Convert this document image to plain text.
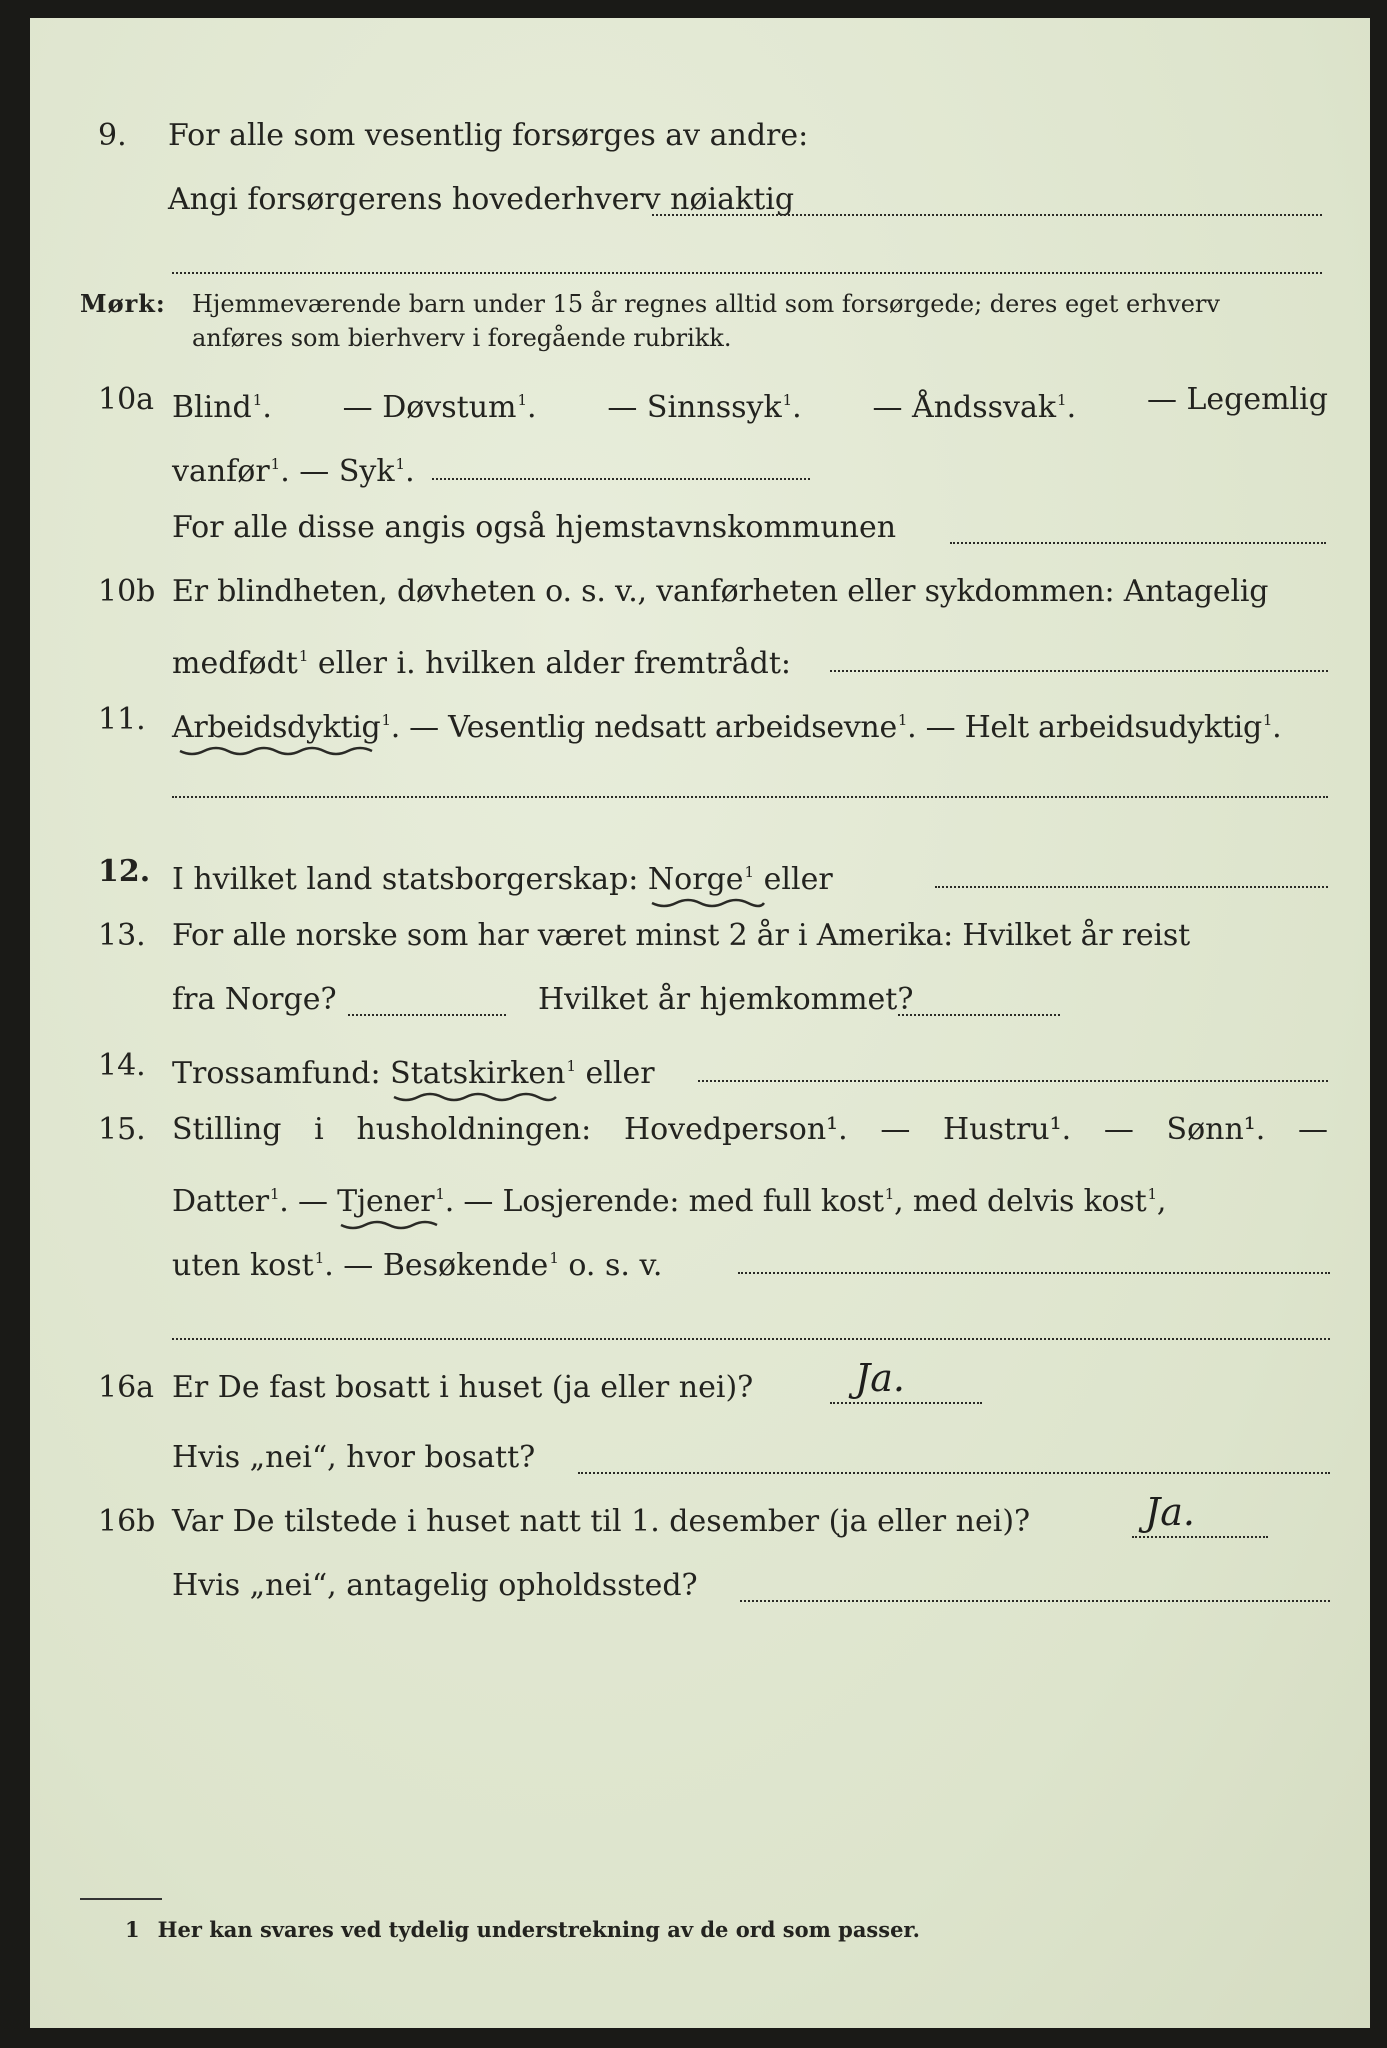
9. For alle som vesentlig forsørges av andre:
Angi forsørgerens hovederhverv nøiaktig
Mørk: Hjemmeværende barn under 15 år regnes alltid som forsørgede; deres eget erhverv
anføres som bierhverv i foregående rubrikk.
10a Blind$^1$. — Døvstum$^1$. — Sinnssyk$^1$. — Åndssvak$^1$. — Legemlig
vanfør$^1$. — Syk$^1$.
For alle disse angis også hjemstavnskommunen
10b Er blindheten, døvheten o. s. v., vanførheten eller sykdommen: Antagelig
medfødt$^1$ eller i. hvilken alder fremtrådt:
11. Arbeidsdyktig
$^1$. — Vesentlig nedsatt arbeidsevne$^1$. — Helt arbeidsudyktig$^1$.
12. I hvilket land statsborgerskap: Norge
$^1$ eller
13. For alle norske som har været minst 2 år i Amerika: Hvilket år reist
fra Norge?	Hvilket år hjemkommet?
14. Trossamfund: Statskirken
$^1$ eller
15. Stilling i husholdningen: Hovedperson¹. — Hustru¹. — Sønn¹. —
Datter$^1$. — Tjener
$^1$. — Losjerende: med full kost$^1$, med delvis kost$^1$,
uten kost$^1$. — Besøkende$^1$ o. s. v.
16a Er De fast bosatt i huset (ja eller nei)?	Ja.
Hvis „nei“, hvor bosatt?
16b Var De tilstede i huset natt til 1. desember (ja eller nei)?	Ja.
Hvis „nei“, antagelig opholdssted?
1 Her kan svares ved tydelig understrekning av de ord som passer.
